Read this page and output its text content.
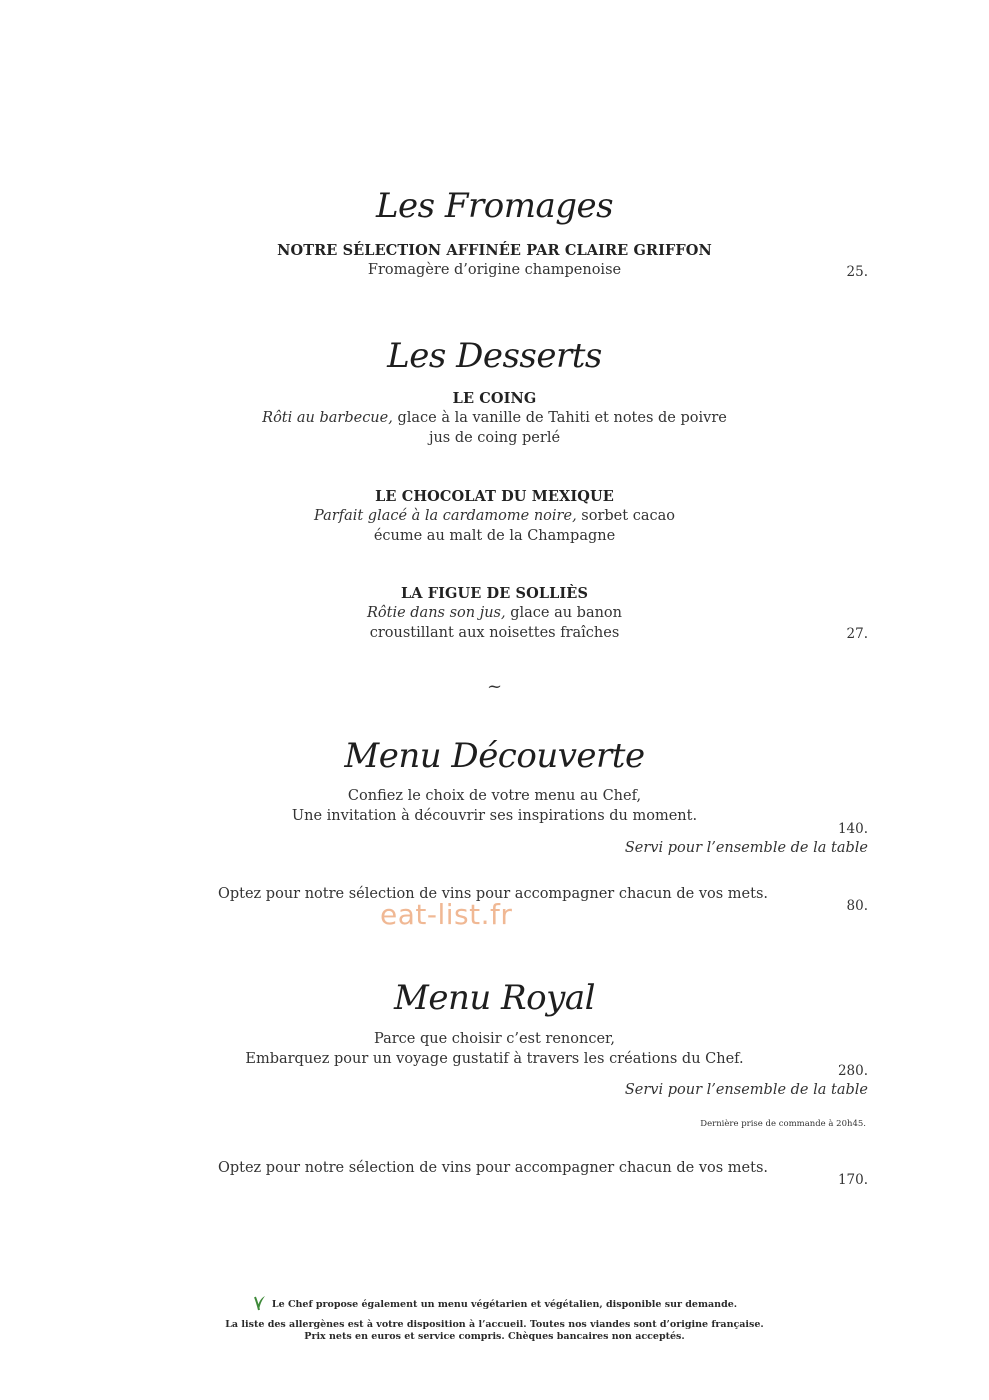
Les Fromages
NOTRE SÉLECTION AFFINÉE PAR CLAIRE GRIFFON
Fromagère d’origine champenoise	25.
Les Desserts
LE COING
Rôti au barbecue, glace à la vanille de Tahiti et notes de poivre
jus de coing perlé
LE CHOCOLAT DU MEXIQUE
Parfait glacé à la cardamome noire, sorbet cacao
écume au malt de la Champagne
LA FIGUE DE SOLLIÈS
Rôtie dans son jus, glace au banon
croustillant aux noisettes fraîches	27.
~
Menu Découverte
Confiez le choix de votre menu au Chef,
Une invitation à découvrir ses inspirations du moment.
140.
Servi pour l’ensemble de la table
Optez pour notre sélection de vins pour accompagner chacun de vos mets.
80.
eat-list.fr
Menu Royal
Parce que choisir c’est renoncer,
Embarquez pour un voyage gustatif à travers les créations du Chef.
280.
Servi pour l’ensemble de la table
Dernière prise de commande à 20h45.
Optez pour notre sélection de vins pour accompagner chacun de vos mets.
170.
Le Chef propose également un menu végétarien et végétalien, disponible sur demande.
La liste des allergènes est à votre disposition à l’accueil. Toutes nos viandes sont d’origine française.
Prix nets en euros et service compris. Chèques bancaires non acceptés.
